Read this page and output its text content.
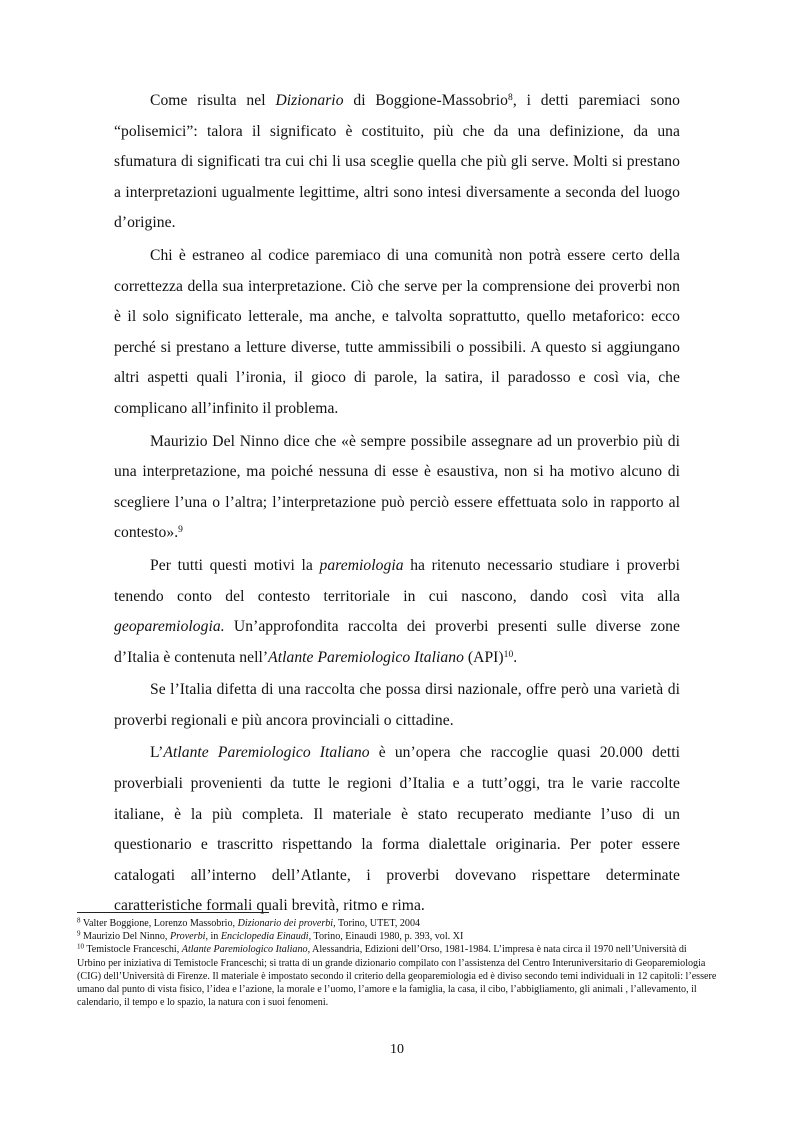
Come risulta nel Dizionario di Boggione-Massobrio$^8$, i detti paremiaci sono “polisemici”: talora il significato è costituito, più che da una definizione, da una sfumatura di significati tra cui chi li usa sceglie quella che più gli serve. Molti si prestano a interpretazioni ugualmente legittime, altri sono intesi diversamente a seconda del luogo d’origine.

Chi è estraneo al codice paremiaco di una comunità non potrà essere certo della correttezza della sua interpretazione. Ciò che serve per la comprensione dei proverbi non è il solo significato letterale, ma anche, e talvolta soprattutto, quello metaforico: ecco perché si prestano a letture diverse, tutte ammissibili o possibili. A questo si aggiungano altri aspetti quali l’ironia, il gioco di parole, la satira, il paradosso e così via, che complicano all’infinito il problema.

Maurizio Del Ninno dice che «è sempre possibile assegnare ad un proverbio più di una interpretazione, ma poiché nessuna di esse è esaustiva, non si ha motivo alcuno di scegliere l’una o l’altra; l’interpretazione può perciò essere effettuata solo in rapporto al contesto».$^9$

Per tutti questi motivi la paremiologia ha ritenuto necessario studiare i proverbi tenendo conto del contesto territoriale in cui nascono, dando così vita alla geoparemiologia. Un’approfondita raccolta dei proverbi presenti sulle diverse zone d’Italia è contenuta nell’Atlante Paremiologico Italiano (API)$^{10}$.

Se l’Italia difetta di una raccolta che possa dirsi nazionale, offre però una varietà di proverbi regionali e più ancora provinciali o cittadine.

L’Atlante Paremiologico Italiano è un’opera che raccoglie quasi 20.000 detti proverbiali provenienti da tutte le regioni d’Italia e a tutt’oggi, tra le varie raccolte italiane, è la più completa. Il materiale è stato recuperato mediante l’uso di un questionario e trascritto rispettando la forma dialettale originaria. Per poter essere catalogati all’interno dell’Atlante, i proverbi dovevano rispettare determinate caratteristiche formali quali brevità, ritmo e rima.

$^8$ Valter Boggione, Lorenzo Massobrio, Dizionario dei proverbi, Torino, UTET, 2004

$^9$ Maurizio Del Ninno, Proverbi, in Enciclopedia Einaudi, Torino, Einaudi 1980, p. 393, vol. XI

$^{10}$ Temistocle Franceschi, Atlante Paremiologico Italiano, Alessandria, Edizioni dell’Orso, 1981-1984. L’impresa è nata circa il 1970 nell’Università di Urbino per iniziativa di Temistocle Franceschi; si tratta di un grande dizionario compilato con l’assistenza del Centro Interuniversitario di Geoparemiologia (CIG) dell’Università di Firenze. Il materiale è impostato secondo il criterio della geoparemiologia ed è diviso secondo temi individuali in 12 capitoli: l’essere umano dal punto di vista fisico, l’idea e l’azione, la morale e l’uomo, l’amore e la famiglia, la casa, il cibo, l’abbigliamento, gli animali , l’allevamento, il calendario, il tempo e lo spazio, la natura con i suoi fenomeni.

10
